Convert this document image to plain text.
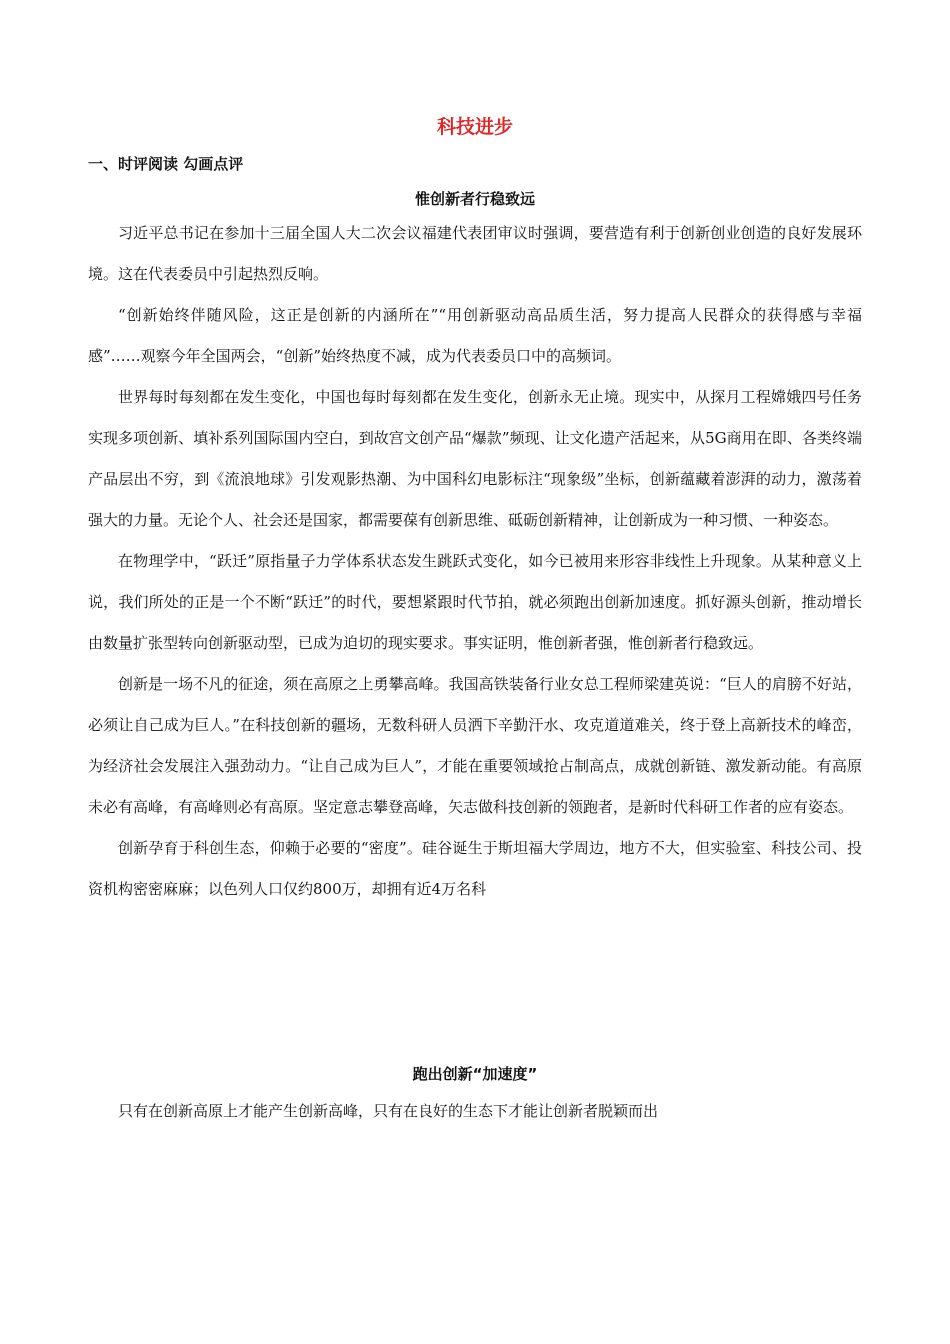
科技进步
一、时评阅读 勾画点评
惟创新者行稳致远

习近平总书记在参加十三届全国人大二次会议福建代表团审议时强调，要营造有利于创新创业创造的良好发展环境。这在代表委员中引起热烈反响。

“创新始终伴随风险，这正是创新的内涵所在”“用创新驱动高品质生活，努力提高人民群众的获得感与幸福感”……观察今年全国两会，“创新”始终热度不减，成为代表委员口中的高频词。

世界每时每刻都在发生变化，中国也每时每刻都在发生变化，创新永无止境。现实中，从探月工程嫦娥四号任务实现多项创新、填补系列国际国内空白，到故宫文创产品“爆款”频现、让文化遗产活起来，从5G商用在即、各类终端产品层出不穷，到《流浪地球》引发观影热潮、为中国科幻电影标注“现象级”坐标，创新蕴藏着澎湃的动力，激荡着强大的力量。无论个人、社会还是国家，都需要葆有创新思维、砥砺创新精神，让创新成为一种习惯、一种姿态。

在物理学中，“跃迁”原指量子力学体系状态发生跳跃式变化，如今已被用来形容非线性上升现象。从某种意义上说，我们所处的正是一个不断“跃迁”的时代，要想紧跟时代节拍，就必须跑出创新加速度。抓好源头创新，推动增长由数量扩张型转向创新驱动型，已成为迫切的现实要求。事实证明，惟创新者强，惟创新者行稳致远。

创新是一场不凡的征途，须在高原之上勇攀高峰。我国高铁装备行业女总工程师梁建英说：“巨人的肩膀不好站，必须让自己成为巨人。”在科技创新的疆场，无数科研人员洒下辛勤汗水、攻克道道难关，终于登上高新技术的峰峦，为经济社会发展注入强劲动力。“让自己成为巨人”，才能在重要领域抢占制高点，成就创新链、激发新动能。有高原未必有高峰，有高峰则必有高原。坚定意志攀登高峰，矢志做科技创新的领跑者，是新时代科研工作者的应有姿态。

创新孕育于科创生态，仰赖于必要的“密度”。硅谷诞生于斯坦福大学周边，地方不大，但实验室、科技公司、投资机构密密麻麻；以色列人口仅约800万，却拥有近4万名科

跑出创新“加速度”

只有在创新高原上才能产生创新高峰，只有在良好的生态下才能让创新者脱颖而出
